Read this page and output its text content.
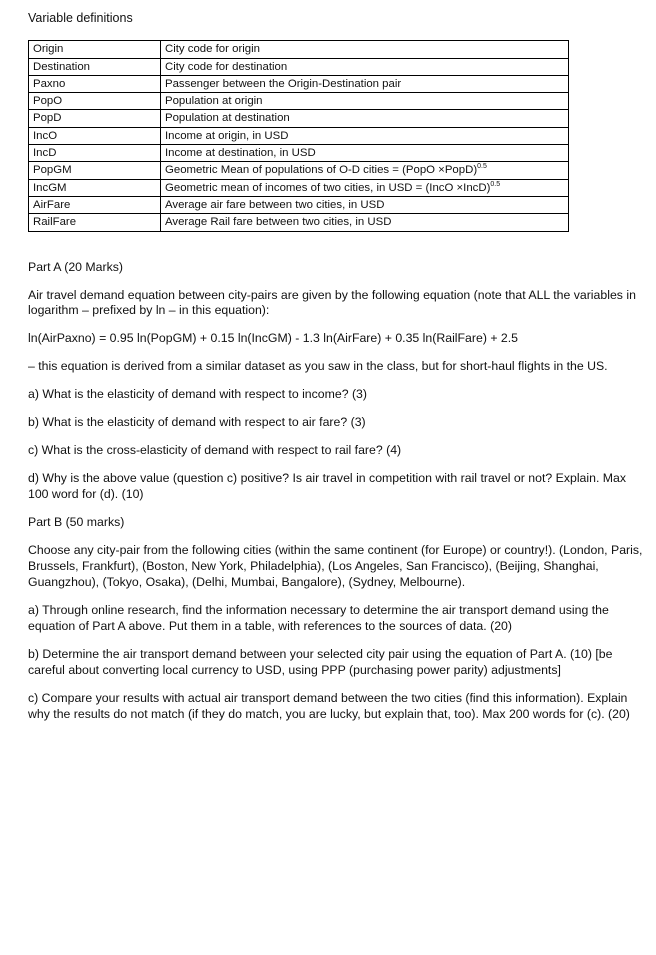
Variable definitions

Origin	City code for origin
Destination	City code for destination
Paxno	Passenger between the Origin-Destination pair
PopO	Population at origin
PopD	Population at destination
IncO	Income at origin, in USD
IncD	Income at destination, in USD
PopGM	Geometric Mean of populations of O-D cities = (PopO ×PopD)$^{0.5}$
IncGM	Geometric mean of incomes of two cities, in USD = (IncO ×IncD)$^{0.5}$
AirFare	Average air fare between two cities, in USD
RailFare	Average Rail fare between two cities, in USD

Part A (20 Marks)

Air travel demand equation between city-pairs are given by the following equation (note that ALL the variables in logarithm – prefixed by ln – in this equation):

ln(AirPaxno) = 0.95 ln(PopGM) + 0.15 ln(IncGM) - 1.3 ln(AirFare) + 0.35 ln(RailFare) + 2.5

– this equation is derived from a similar dataset as you saw in the class, but for short-haul flights in the US.

a) What is the elasticity of demand with respect to income? (3)

b) What is the elasticity of demand with respect to air fare? (3)

c) What is the cross-elasticity of demand with respect to rail fare? (4)

d) Why is the above value (question c) positive? Is air travel in competition with rail travel or not? Explain. Max 100 word for (d). (10)

Part B (50 marks)

Choose any city-pair from the following cities (within the same continent (for Europe) or country!). (London, Paris, Brussels, Frankfurt), (Boston, New York, Philadelphia), (Los Angeles, San Francisco), (Beijing, Shanghai, Guangzhou), (Tokyo, Osaka), (Delhi, Mumbai, Bangalore), (Sydney, Melbourne).

a) Through online research, find the information necessary to determine the air transport demand using the equation of Part A above. Put them in a table, with references to the sources of data. (20)

b) Determine the air transport demand between your selected city pair using the equation of Part A. (10) [be careful about converting local currency to USD, using PPP (purchasing power parity) adjustments]

c) Compare your results with actual air transport demand between the two cities (find this information). Explain why the results do not match (if they do match, you are lucky, but explain that, too). Max 200 words for (c). (20)
